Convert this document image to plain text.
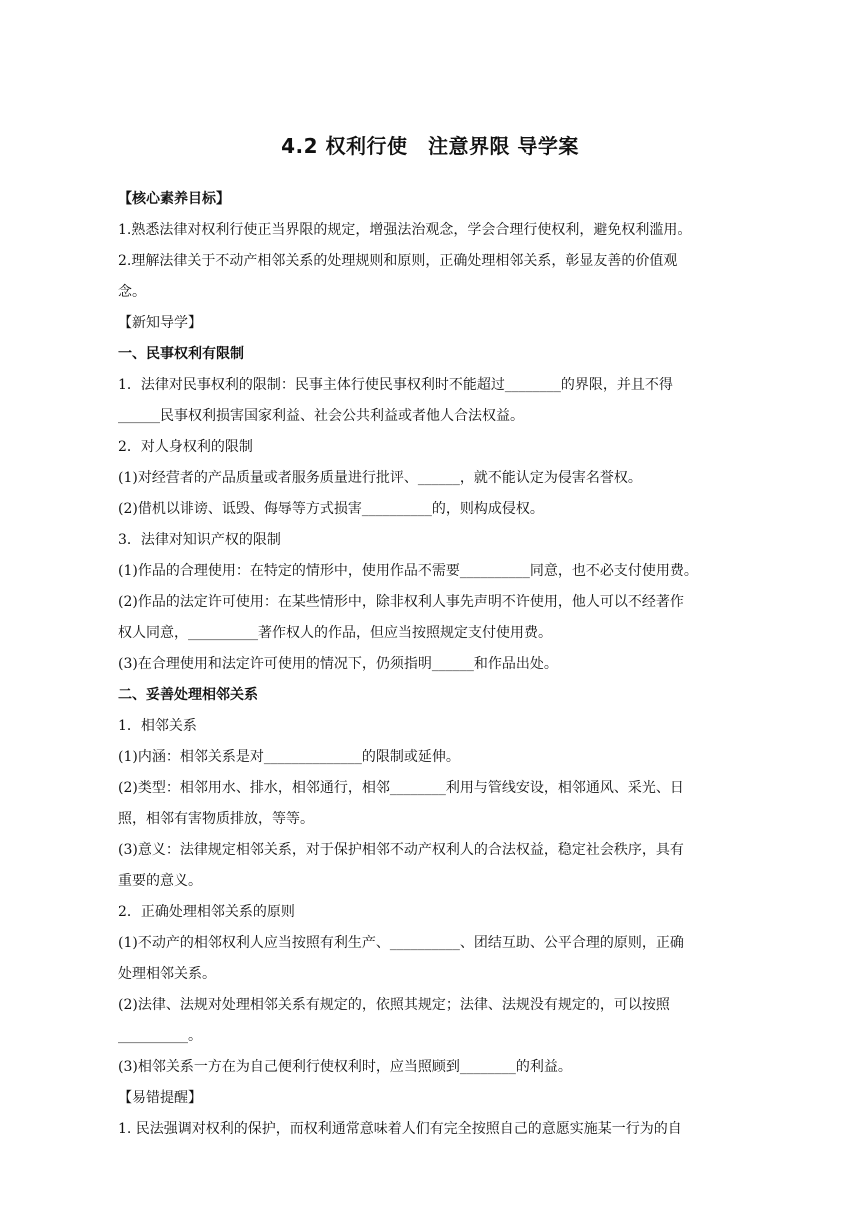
4.2 权利行使　注意界限 导学案
【核心素养目标】
1.熟悉法律对权利行使正当界限的规定，增强法治观念，学会合理行使权利，避免权利滥用。
2.理解法律关于不动产相邻关系的处理规则和原则，正确处理相邻关系，彰显友善的价值观
念。
【新知导学】
一、民事权利有限制
1．法律对民事权利的限制：民事主体行使民事权利时不能超过________的界限，并且不得
______民事权利损害国家利益、社会公共利益或者他人合法权益。
2．对人身权利的限制
(1)对经营者的产品质量或者服务质量进行批评、______，就不能认定为侵害名誉权。
(2)借机以诽谤、诋毁、侮辱等方式损害__________的，则构成侵权。
3．法律对知识产权的限制
(1)作品的合理使用：在特定的情形中，使用作品不需要__________同意，也不必支付使用费。
(2)作品的法定许可使用：在某些情形中，除非权利人事先声明不许使用，他人可以不经著作
权人同意，__________著作权人的作品，但应当按照规定支付使用费。
(3)在合理使用和法定许可使用的情况下，仍须指明______和作品出处。
二、妥善处理相邻关系
1．相邻关系
(1)内涵：相邻关系是对______________的限制或延伸。
(2)类型：相邻用水、排水，相邻通行，相邻________利用与管线安设，相邻通风、采光、日
照，相邻有害物质排放，等等。
(3)意义：法律规定相邻关系，对于保护相邻不动产权利人的合法权益，稳定社会秩序，具有
重要的意义。
2．正确处理相邻关系的原则
(1)不动产的相邻权利人应当按照有利生产、__________、团结互助、公平合理的原则，正确
处理相邻关系。
(2)法律、法规对处理相邻关系有规定的，依照其规定；法律、法规没有规定的，可以按照
__________。
(3)相邻关系一方在为自己便利行使权利时，应当照顾到________的利益。
【易错提醒】
1. 民法强调对权利的保护，而权利通常意味着人们有完全按照自己的意愿实施某一行为的自
